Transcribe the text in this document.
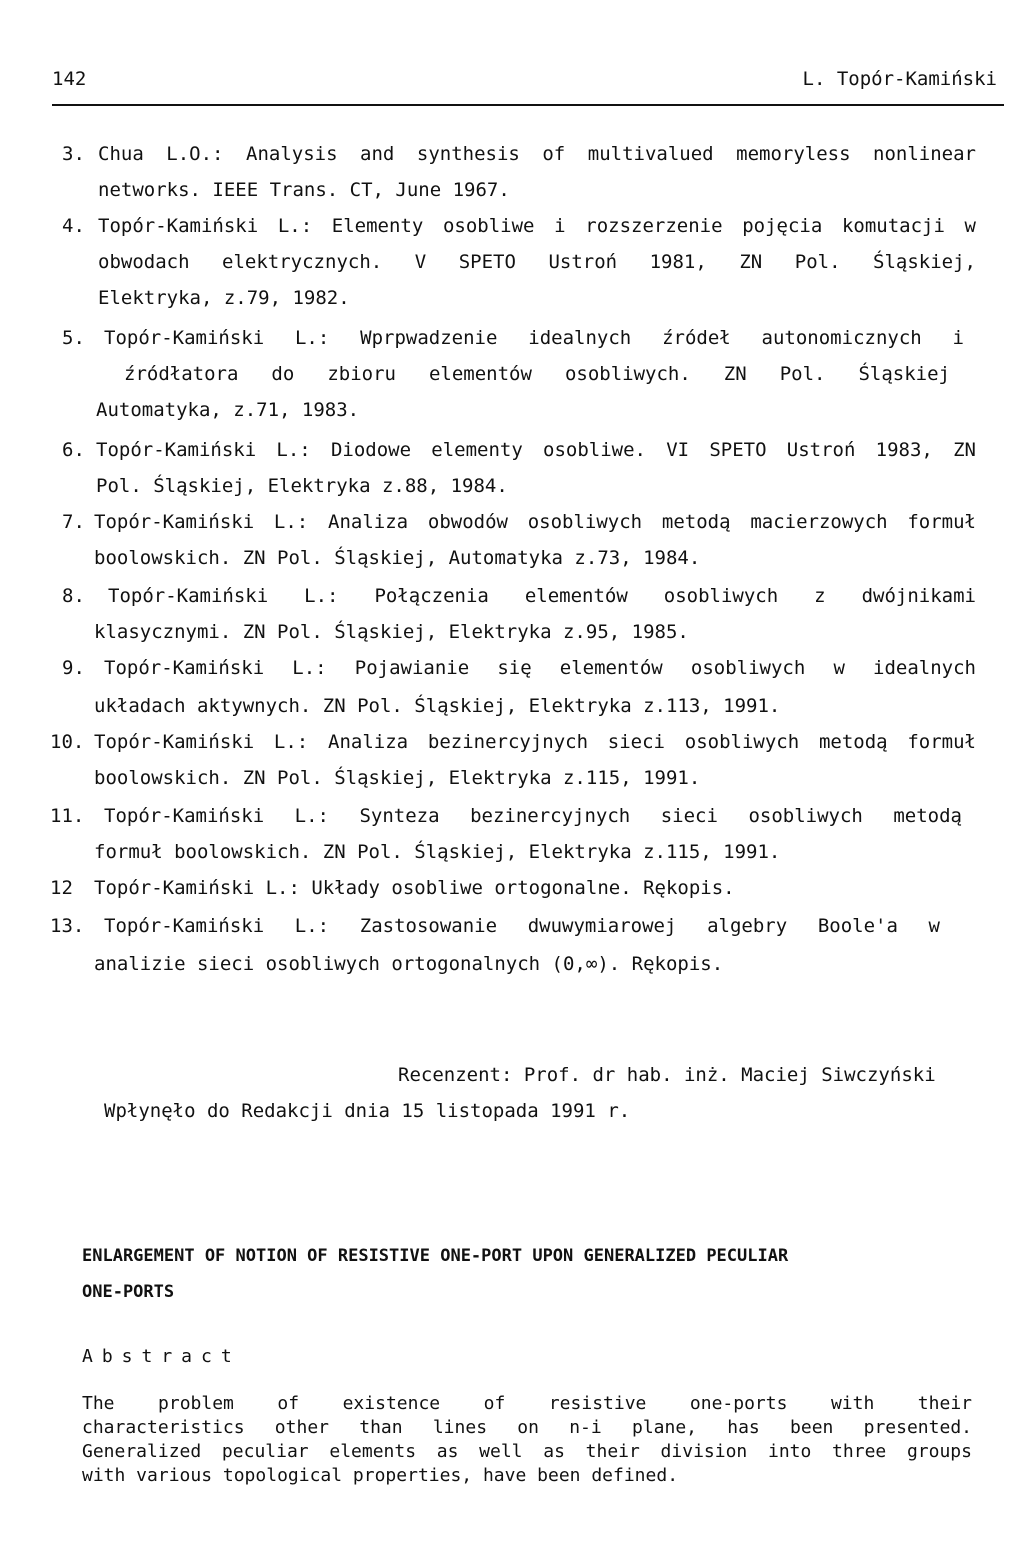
142	L. Topór-Kamiński
3. Chua L.O.: Analysis and synthesis of multivalued memoryless nonlinear
networks. IEEE Trans. CT, June 1967.
4. Topór-Kamiński L.: Elementy osobliwe i rozszerzenie pojęcia komutacji w
obwodach elektrycznych. V SPETO Ustroń 1981, ZN Pol. Śląskiej,
Elektryka, z.79, 1982.
5. Topór-Kamiński L.: Wprpwadzenie idealnych źródeł autonomicznych i
źródłatora do zbioru elementów osobliwych. ZN Pol. Śląskiej
Automatyka, z.71, 1983.
6. Topór-Kamiński L.: Diodowe elementy osobliwe. VI SPETO Ustroń 1983, ZN
Pol. Śląskiej, Elektryka z.88, 1984.
7. Topór-Kamiński L.: Analiza obwodów osobliwych metodą macierzowych formuł
boolowskich. ZN Pol. Śląskiej, Automatyka z.73, 1984.
8. Topór-Kamiński L.: Połączenia elementów osobliwych z dwójnikami
klasycznymi. ZN Pol. Śląskiej, Elektryka z.95, 1985.
9. Topór-Kamiński L.: Pojawianie się elementów osobliwych w idealnych
układach aktywnych. ZN Pol. Śląskiej, Elektryka z.113, 1991.
10. Topór-Kamiński L.: Analiza bezinercyjnych sieci osobliwych metodą formuł
boolowskich. ZN Pol. Śląskiej, Elektryka z.115, 1991.
11. Topór-Kamiński L.: Synteza bezinercyjnych sieci osobliwych metodą
formuł boolowskich. ZN Pol. Śląskiej, Elektryka z.115, 1991.
12 Topór-Kamiński L.: Układy osobliwe ortogonalne. Rękopis.
13. Topór-Kamiński L.: Zastosowanie dwuwymiarowej algebry Boole'a w
analizie sieci osobliwych ortogonalnych (0,∞). Rękopis.
Recenzent: Prof. dr hab. inż. Maciej Siwczyński
Wpłynęło do Redakcji dnia 15 listopada 1991 r.
ENLARGEMENT OF NOTION OF RESISTIVE ONE-PORT UPON GENERALIZED PECULIAR
ONE-PORTS
Abstract
The problem of existence of resistive one-ports with their
characteristics other than lines on n-i plane, has been presented.
Generalized peculiar elements as well as their division into three groups
with various topological properties, have been defined.
